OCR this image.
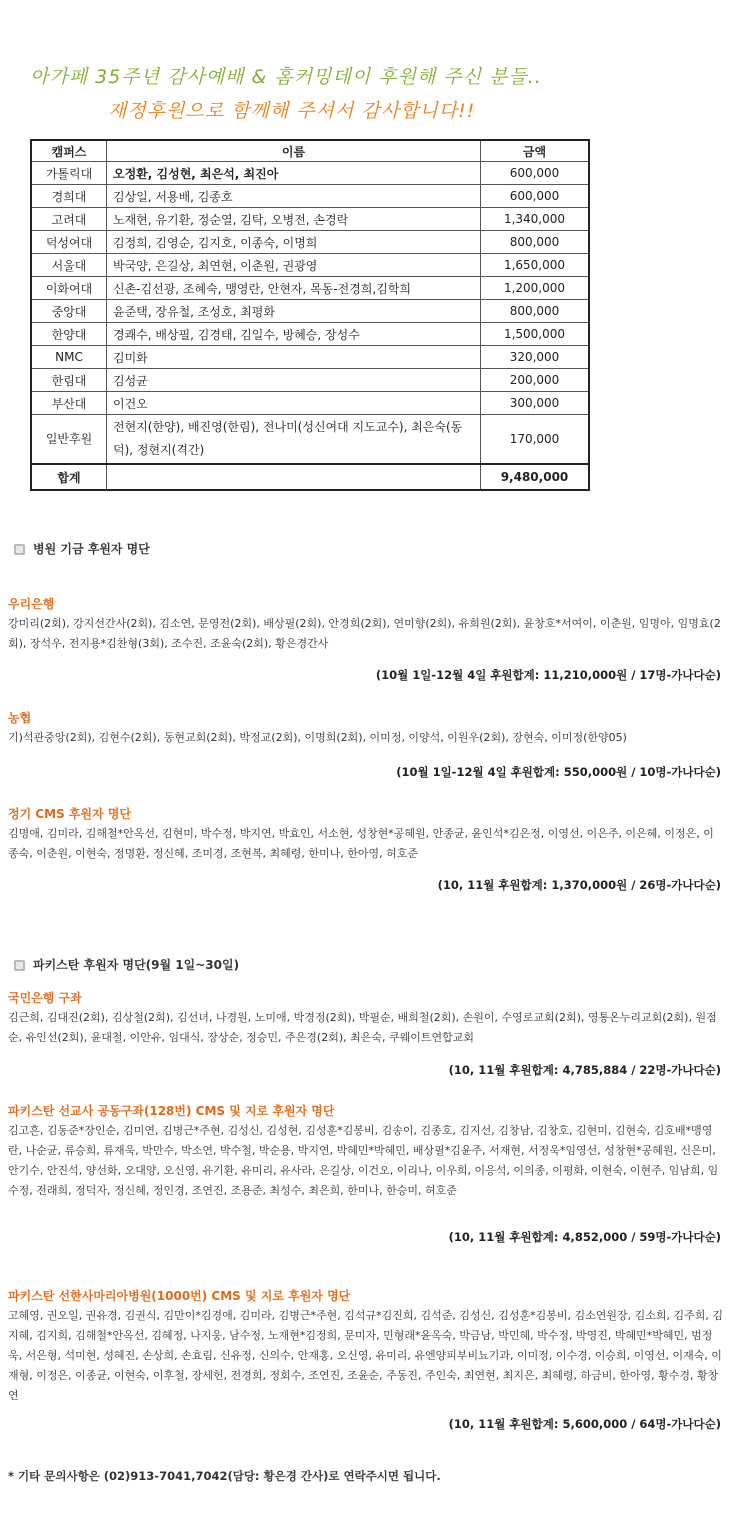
아가페 35주년 감사예배 & 홈커밍데이 후원해 주신 분들..
재정후원으로 함께해 주셔서 감사합니다!!
캠퍼스	이름	금액
가톨릭대	오정환, 김성현, 최은석, 최진아	600,000
경희대	김상일, 서용배, 김종호	600,000
고려대	노재현, 유기환, 정순열, 김탁, 오병전, 손경락	1,340,000
덕성여대	김정희, 김영순, 김지호, 이종숙, 이명희	800,000
서울대	박국양, 은길상, 최연현, 이춘원, 권광영	1,650,000
이화여대	신촌-김선광, 조혜숙, 맹영란, 안현자, 목동-전경희,김학희	1,200,000
중앙대	윤준택, 장유철, 조성호, 최평화	800,000
한양대	경쾌수, 배상필, 김경태, 김일수, 방혜승, 장성수	1,500,000
NMC	김미화	320,000
한림대	김성균	200,000
부산대	이건오	300,000
일반후원	전현지(한양), 배진영(한림), 전나미(성신여대 지도교수), 최은숙(동덕), 정현지(격간)	170,000
합계		9,480,000
병원 기금 후원자 명단
우리은행
강미리(2회), 강지선간사(2회), 김소연, 문영전(2회), 배상필(2회), 안경희(2회), 연미향(2회), 유희원(2회), 윤창호*서여이, 이춘원, 임명아, 임명효(2회), 장석우, 전지용*김찬형(3회), 조수진, 조윤숙(2회), 황은경간사
(10월 1일-12월 4일 후원합계: 11,210,000원 / 17명-가나다순)
농협
기)석관중앙(2회), 김현수(2회), 동현교회(2회), 박정교(2회), 이명희(2회), 이미정, 이양석, 이원우(2회), 장현숙, 이미정(한양05)
(10월 1일-12월 4일 후원합계: 550,000원 / 10명-가나다순)
정기 CMS 후원자 명단
김명애, 김미라, 김해철*안옥선, 김현미, 박수정, 박지연, 박효인, 서소현, 성창현*공혜원, 안종균, 윤인석*김은정, 이영선, 이은주, 이은혜, 이정은, 이종숙, 이춘원, 이현숙, 정명환, 정신혜, 조미경, 조현복, 최혜령, 한미나, 한아영, 허호준
(10, 11월 후원합계: 1,370,000원 / 26명-가나다순)
파키스탄 후원자 명단(9월 1일~30일)
국민은행 구좌
김근희, 김대진(2회), 김상철(2회), 김선녀, 나경원, 노미애, 박경정(2회), 박필순, 배희철(2회), 손원이, 수영로교회(2회), 영통온누리교회(2회), 원점순, 유인선(2회), 윤대철, 이안유, 임대식, 장상순, 정승민, 주은경(2회), 최은숙, 쿠웨이트연합교회
(10, 11월 후원합계: 4,785,884 / 22명-가나다순)
파키스탄 선교사 공동구좌(128번) CMS 및 지로 후원자 명단
김고흔, 김동준*장인순, 김미연, 김병근*주현, 김성신, 김성현, 김성훈*김봉비, 김송이, 김종호, 김지선, 김창남, 김창호, 김현미, 김현숙, 김호배*맹영란, 나순균, 류승희, 류재욱, 박만수, 박소연, 박수철, 박순용, 박지연, 박혜민*박혜민, 배상필*김윤주, 서재현, 서정욱*임영선, 성창현*공혜원, 신은미, 안기수, 안진석, 양선화, 오대양, 오신영, 유기환, 유미리, 유사라, 은길상, 이건오, 이리나, 이우희, 이응석, 이의종, 이평화, 이현숙, 이현주, 임남희, 임수정, 전래희, 정덕자, 정신혜, 정인경, 조연진, 조용준, 최성수, 최은희, 한미나, 한승미, 허호준
(10, 11월 후원합계: 4,852,000 / 59명-가나다순)
파키스탄 선한사마리아병원(1000번) CMS 및 지로 후원자 명단
고혜영, 권오일, 권유경, 김권식, 김만이*김경애, 김미라, 김병근*주현, 김석규*김진희, 김석준, 김성신, 김성훈*김봉비, 김소연원장, 김소희, 김주희, 김지혜, 김지희, 김해철*안옥선, 김혜정, 나지웅, 남수정, 노재현*김정희, 문미자, 민형래*윤옥숙, 박금남, 박민혜, 박수정, 박영진, 박혜민*박혜민, 범정욱, 서은형, 석미현, 성혜진, 손상희, 손효림, 신유정, 신의수, 안재홍, 오신영, 유미리, 유엔양피부비뇨기과, 이미정, 이수경, 이승희, 이영선, 이재숙, 이재형, 이정은, 이종균, 이현숙, 이후철, 장세헌, 전경희, 정회수, 조연진, 조윤순, 주동진, 주인숙, 최연현, 최지은, 최혜령, 하금비, 한아영, 황수경, 황창연
(10, 11월 후원합계: 5,600,000 / 64명-가나다순)
* 기타 문의사항은 (02)913-7041,7042(담당: 황은경 간사)로 연락주시면 됩니다.
